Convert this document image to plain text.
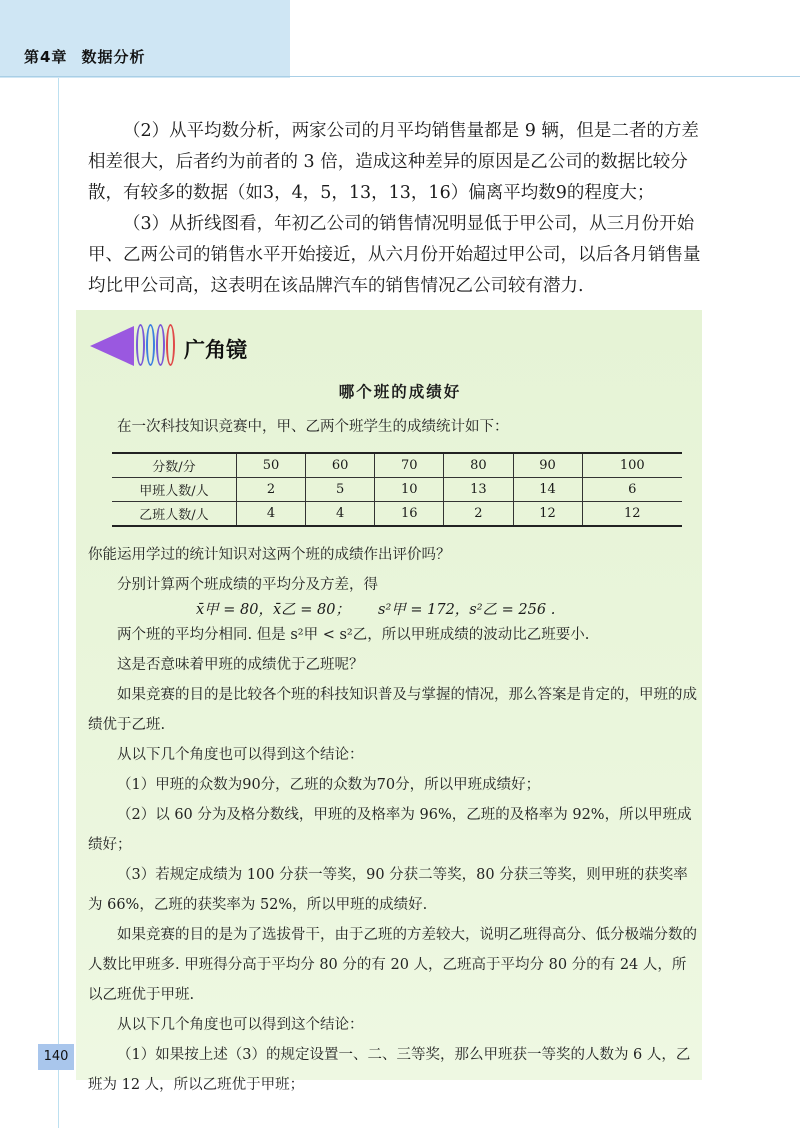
第4章 数据分析

（2）从平均数分析，两家公司的月平均销售量都是 9 辆，但是二者的方差相差很大，后者约为前者的 3 倍，造成这种差异的原因是乙公司的数据比较分散，有较多的数据（如3，4，5，13，13，16）偏离平均数9的程度大；

（3）从折线图看，年初乙公司的销售情况明显低于甲公司，从三月份开始甲、乙两公司的销售水平开始接近，从六月份开始超过甲公司，以后各月销售量均比甲公司高，这表明在该品牌汽车的销售情况乙公司较有潜力.

广角镜
哪个班的成绩好

在一次科技知识竞赛中，甲、乙两个班学生的成绩统计如下：

分数/分	50	60	70	80	90	100
甲班人数/人	2	5	10	13	14	6
乙班人数/人	4	4	16	2	12	12

你能运用学过的统计知识对这两个班的成绩作出评价吗？

分别计算两个班成绩的平均分及方差，得

x̄甲 = 80，x̄乙 = 80； s²甲 = 172，s²乙 = 256 .

两个班的平均分相同. 但是 s²甲 < s²乙，所以甲班成绩的波动比乙班要小.

这是否意味着甲班的成绩优于乙班呢？

如果竞赛的目的是比较各个班的科技知识普及与掌握的情况，那么答案是肯定的，甲班的成绩优于乙班.

从以下几个角度也可以得到这个结论：

（1）甲班的众数为90分，乙班的众数为70分，所以甲班成绩好；

（2）以 60 分为及格分数线，甲班的及格率为 96%，乙班的及格率为 92%，所以甲班成绩好；

（3）若规定成绩为 100 分获一等奖，90 分获二等奖，80 分获三等奖，则甲班的获奖率为 66%，乙班的获奖率为 52%，所以甲班的成绩好.

如果竞赛的目的是为了选拔骨干，由于乙班的方差较大，说明乙班得高分、低分极端分数的人数比甲班多. 甲班得分高于平均分 80 分的有 20 人，乙班高于平均分 80 分的有 24 人，所以乙班优于甲班.

从以下几个角度也可以得到这个结论：

（1）如果按上述（3）的规定设置一、二、三等奖，那么甲班获一等奖的人数为 6 人，乙班为 12 人，所以乙班优于甲班；

140
